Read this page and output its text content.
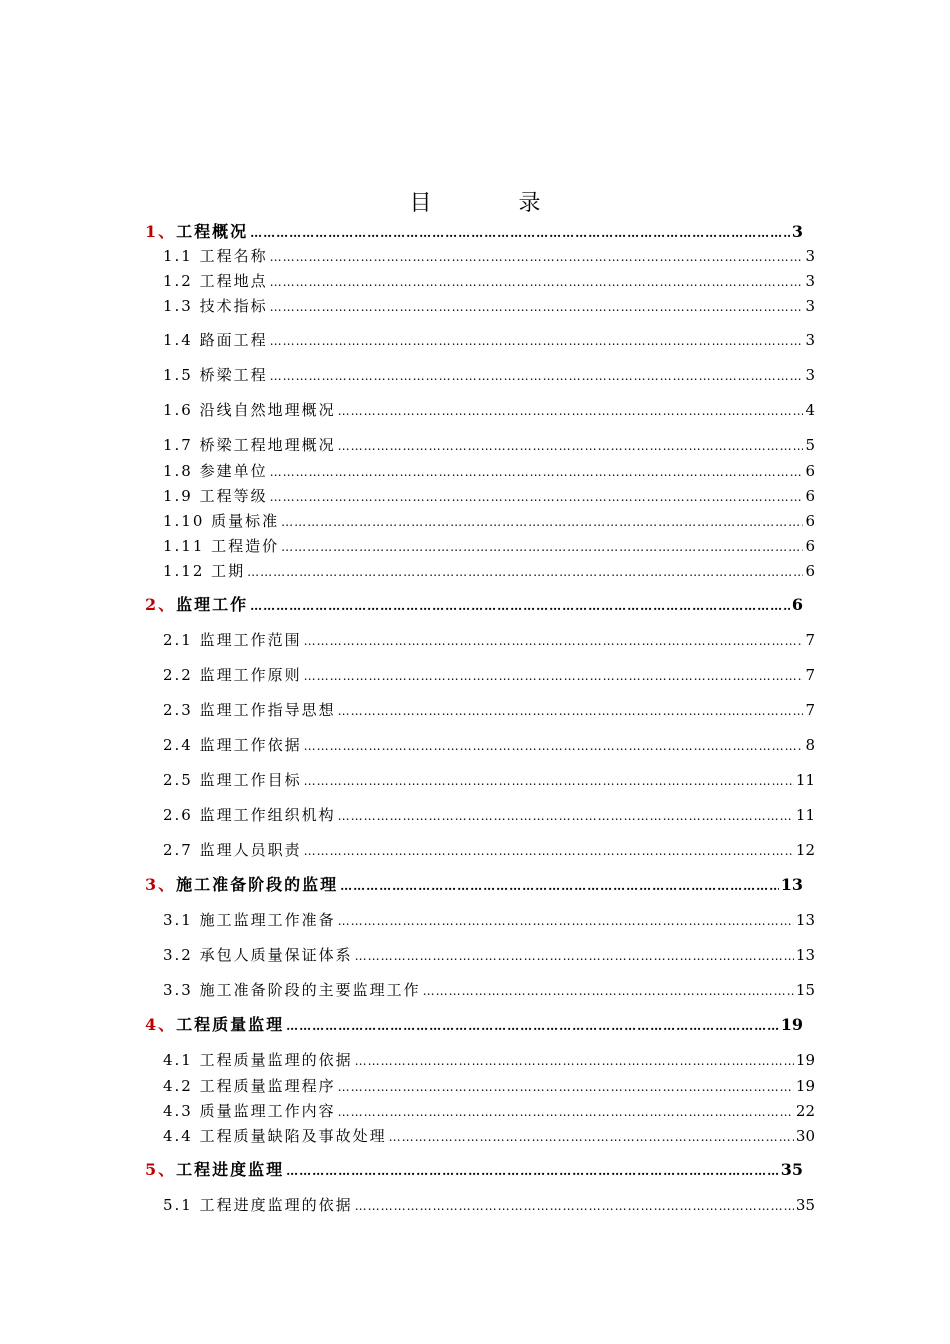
目 录
1、工程概况 ………………………………………………………………………………………………………………………………………………………………………………………………………………	3
1.1 工程名称 ………………………………………………………………………………………………………………………………………………………………………………………………………………	3
1.2 工程地点 ………………………………………………………………………………………………………………………………………………………………………………………………………………	3
1.3 技术指标 ………………………………………………………………………………………………………………………………………………………………………………………………………………	3
1.4 路面工程 ………………………………………………………………………………………………………………………………………………………………………………………………………………	3
1.5 桥梁工程 ………………………………………………………………………………………………………………………………………………………………………………………………………………	3
1.6 沿线自然地理概况 ………………………………………………………………………………………………………………………………………………………………………………………………………………	4
1.7 桥梁工程地理概况 ………………………………………………………………………………………………………………………………………………………………………………………………………………	5
1.8 参建单位 ………………………………………………………………………………………………………………………………………………………………………………………………………………	6
1.9 工程等级 ………………………………………………………………………………………………………………………………………………………………………………………………………………	6
1.10 质量标准 ………………………………………………………………………………………………………………………………………………………………………………………………………………	6
1.11 工程造价 ………………………………………………………………………………………………………………………………………………………………………………………………………………	6
1.12 工期 ………………………………………………………………………………………………………………………………………………………………………………………………………………	6
2、监理工作 ………………………………………………………………………………………………………………………………………………………………………………………………………………	6
2.1 监理工作范围 ………………………………………………………………………………………………………………………………………………………………………………………………………………	7
2.2 监理工作原则 ………………………………………………………………………………………………………………………………………………………………………………………………………………	7
2.3 监理工作指导思想 ………………………………………………………………………………………………………………………………………………………………………………………………………………	7
2.4 监理工作依据 ………………………………………………………………………………………………………………………………………………………………………………………………………………	8
2.5 监理工作目标 ………………………………………………………………………………………………………………………………………………………………………………………………………………	11
2.6 监理工作组织机构 ………………………………………………………………………………………………………………………………………………………………………………………………………………	11
2.7 监理人员职责 ………………………………………………………………………………………………………………………………………………………………………………………………………………	12
3、施工准备阶段的监理 ………………………………………………………………………………………………………………………………………………………………………………………………………………	13
3.1 施工监理工作准备 ………………………………………………………………………………………………………………………………………………………………………………………………………………	13
3.2 承包人质量保证体系 ………………………………………………………………………………………………………………………………………………………………………………………………………………	13
3.3 施工准备阶段的主要监理工作 ………………………………………………………………………………………………………………………………………………………………………………………………………………	15
4、工程质量监理 ………………………………………………………………………………………………………………………………………………………………………………………………………………	19
4.1 工程质量监理的依据 ………………………………………………………………………………………………………………………………………………………………………………………………………………	19
4.2 工程质量监理程序 ………………………………………………………………………………………………………………………………………………………………………………………………………………	19
4.3 质量监理工作内容 ………………………………………………………………………………………………………………………………………………………………………………………………………………	22
4.4 工程质量缺陷及事故处理 ………………………………………………………………………………………………………………………………………………………………………………………………………………	30
5、工程进度监理 ………………………………………………………………………………………………………………………………………………………………………………………………………………	35
5.1 工程进度监理的依据 ………………………………………………………………………………………………………………………………………………………………………………………………………………	35
